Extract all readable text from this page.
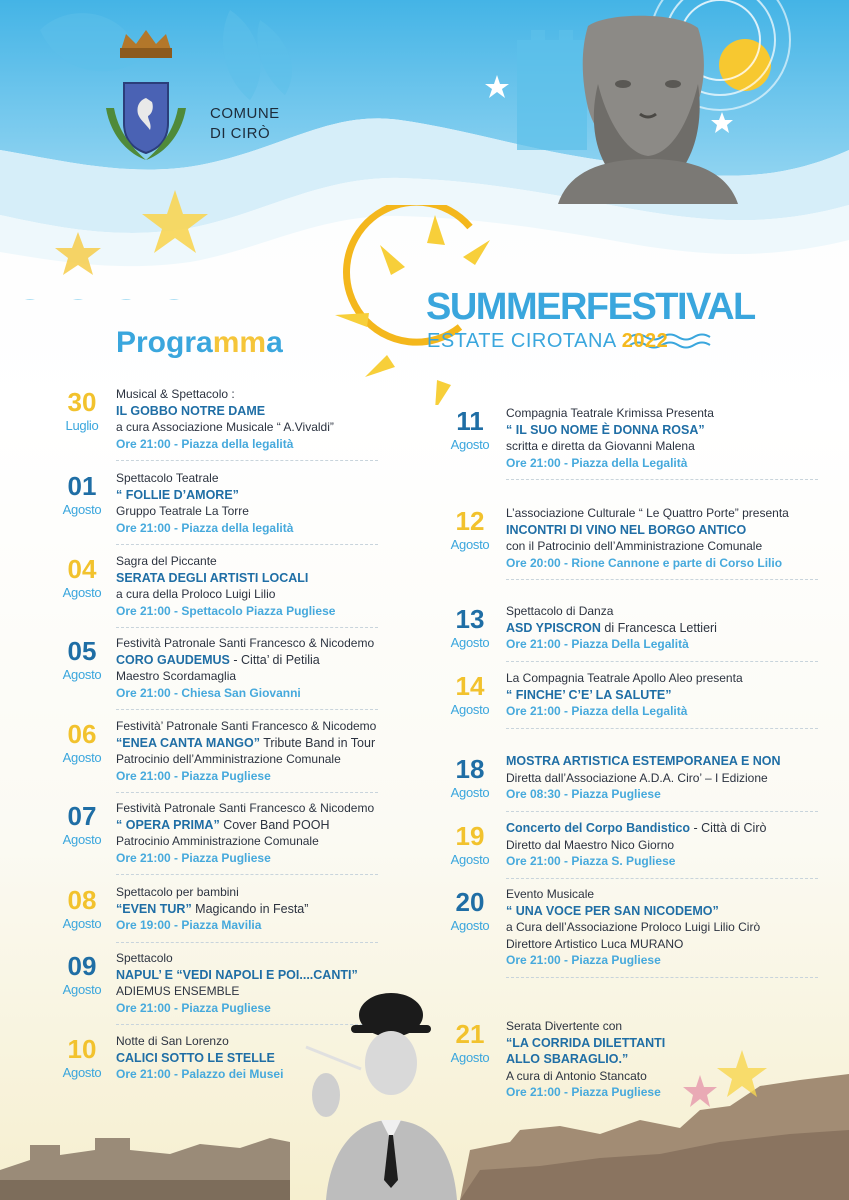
COMUNE
DI CIRÒ
SUMMERFESTIVAL
ESTATE CIROTANA 2022
Programma
30
Luglio
Musical & Spettacolo :
IL GOBBO NOTRE DAME
a cura Associazione Musicale “ A.Vivaldi”
Ore 21:00 - Piazza della legalità
01
Agosto
Spettacolo Teatrale
“ FOLLIE D’AMORE”
Gruppo Teatrale La Torre
Ore 21:00 - Piazza della legalità
04
Agosto
Sagra del Piccante
SERATA DEGLI ARTISTI LOCALI
a cura della Proloco Luigi Lilio
Ore 21:00 - Spettacolo Piazza Pugliese
05
Agosto
Festività Patronale Santi Francesco & Nicodemo
CORO GAUDEMUS - Citta’ di Petilia
Maestro Scordamaglia
Ore 21:00 - Chiesa San Giovanni
06
Agosto
Festività’ Patronale Santi Francesco & Nicodemo
“ENEA CANTA MANGO” Tribute Band in Tour
Patrocinio dell’Amministrazione Comunale
Ore 21:00 - Piazza Pugliese
07
Agosto
Festività Patronale Santi Francesco & Nicodemo
“ OPERA PRIMA” Cover Band POOH
Patrocinio Amministrazione Comunale
Ore 21:00 - Piazza Pugliese
08
Agosto
Spettacolo per bambini
“EVEN TUR” Magicando in Festa”
Ore 19:00 - Piazza Mavilia
09
Agosto
Spettacolo
NAPUL’ E “VEDI NAPOLI E POI....CANTI”
ADIEMUS ENSEMBLE
Ore 21:00 - Piazza Pugliese
10
Agosto
Notte di San Lorenzo
CALICI SOTTO LE STELLE
Ore 21:00 - Palazzo dei Musei
11
Agosto
Compagnia Teatrale Krimissa Presenta
“ IL SUO NOME È DONNA ROSA”
scritta e diretta da Giovanni Malena
Ore 21:00 - Piazza della Legalità
12
Agosto
L’associazione Culturale “ Le Quattro Porte” presenta
INCONTRI DI VINO NEL BORGO ANTICO
con il Patrocinio dell’Amministrazione Comunale
Ore 20:00 - Rione Cannone e parte di Corso Lilio
13
Agosto
Spettacolo di Danza
ASD YPISCRON di Francesca Lettieri
Ore 21:00 - Piazza Della Legalità
14
Agosto
La Compagnia Teatrale Apollo Aleo presenta
“ FINCHE’ C’E’ LA SALUTE”
Ore 21:00 - Piazza della Legalità
18
Agosto
MOSTRA ARTISTICA ESTEMPORANEA E NON
Diretta dall’Associazione A.D.A. Ciro’ – I Edizione
Ore 08:30 - Piazza Pugliese
19
Agosto
Concerto del Corpo Bandistico - Città di Cirò
Diretto dal Maestro Nico Giorno
Ore 21:00 - Piazza S. Pugliese
20
Agosto
Evento Musicale
“ UNA VOCE PER SAN NICODEMO”
a Cura dell’Associazione Proloco Luigi Lilio Cirò
Direttore Artistico Luca MURANO
Ore 21:00 - Piazza Pugliese
21
Agosto
Serata Divertente con
“LA CORRIDA DILETTANTI
ALLO SBARAGLIO.”
A cura di Antonio Stancato
Ore 21:00 - Piazza Pugliese
